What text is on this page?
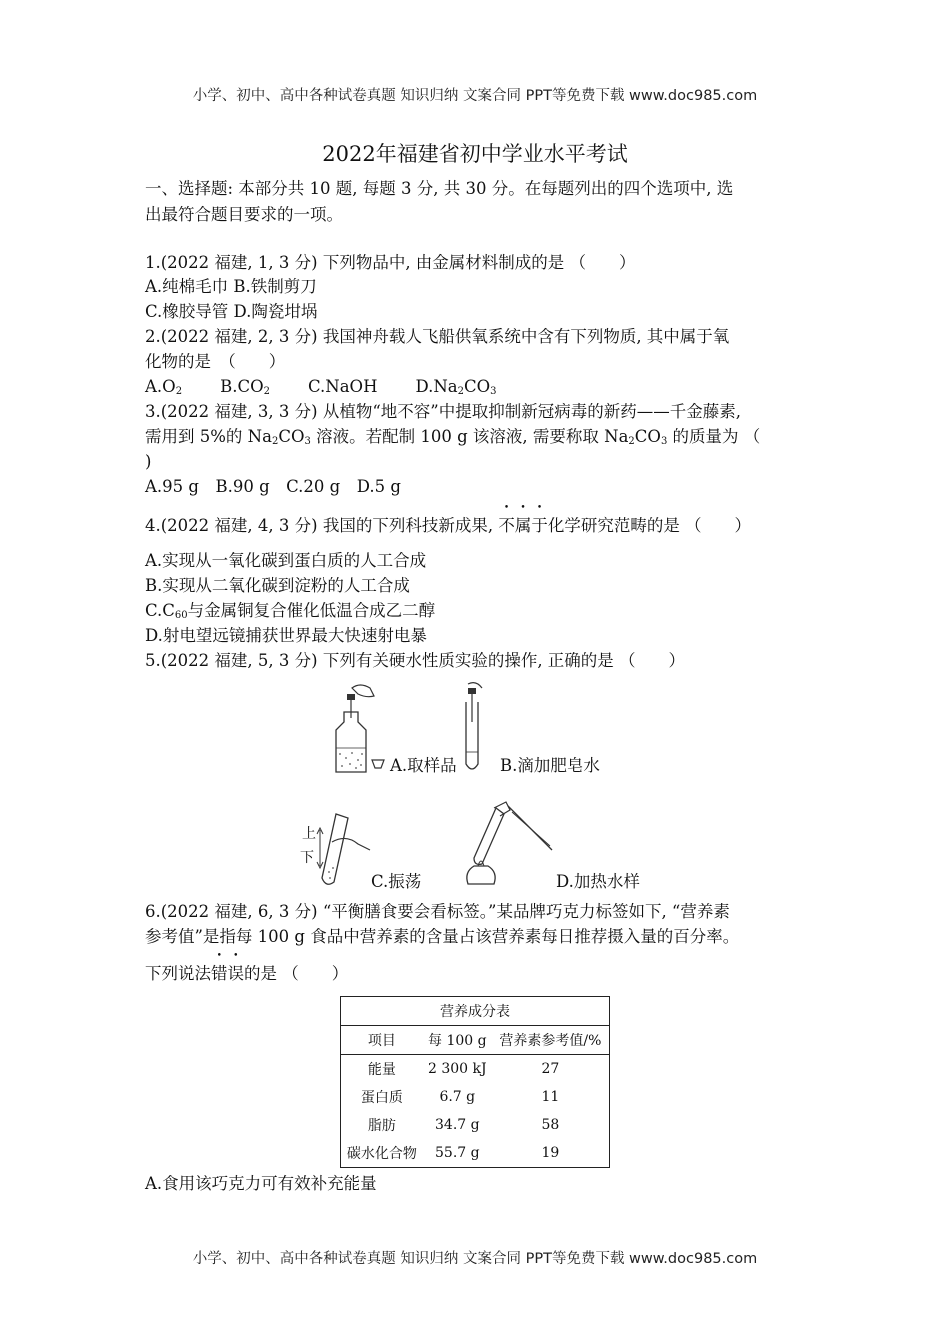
小学、初中、高中各种试卷真题 知识归纳 文案合同 PPT等免费下载 www.doc985.com
2022年福建省初中学业水平考试
一、选择题: 本部分共 10 题, 每题 3 分, 共 30 分。在每题列出的四个选项中, 选
出最符合题目要求的一项。
1.(2022 福建, 1, 3 分) 下列物品中, 由金属材料制成的是 （　　）
A.纯棉毛巾 B.铁制剪刀
C.橡胶导管 D.陶瓷坩埚
2.(2022 福建, 2, 3 分) 我国神舟载人飞船供氧系统中含有下列物质, 其中属于氧
化物的是　（　　）
$A.O_2$ $B.CO_2$ C.NaOH $D.Na_2CO_3$
3.(2022 福建, 3, 3 分) 从植物“地不容”中提取抑制新冠病毒的新药——千金藤素,
需用到 5%的 $Na_2CO_3$ 溶液。若配制 100 g 该溶液, 需要称取 $Na_2CO_3$ 的质量为 （
)
A.95 g　B.90 g　C.20 g　D.5 g
4.(2022 福建, 4, 3 分) 我国的下列科技新成果, 不属于化学研究范畴的是 （　　）
A.实现从一氧化碳到蛋白质的人工合成
B.实现从二氧化碳到淀粉的人工合成
$C.C_{60}$与金属铜复合催化低温合成乙二醇
D.射电望远镜捕获世界最大快速射电暴
5.(2022 福建, 5, 3 分) 下列有关硬水性质实验的操作, 正确的是 （　　）
A.取样品	B.滴加肥皂水
上
下
C.振荡	D.加热水样
6.(2022 福建, 6, 3 分) “平衡膳食要会看标签。”某品牌巧克力标签如下, “营养素
参考值”是指每 100 g 食品中营养素的含量占该营养素每日推荐摄入量的百分率。
下列说法错误的是 （　　）
营养成分表		
项目	每 100 g	营养素参考值/%
能量	2 300 kJ	27
蛋白质	6.7 g	11
脂肪	34.7 g	58
碳水化合物	55.7 g	19
A.食用该巧克力可有效补充能量
小学、初中、高中各种试卷真题 知识归纳 文案合同 PPT等免费下载 www.doc985.com
